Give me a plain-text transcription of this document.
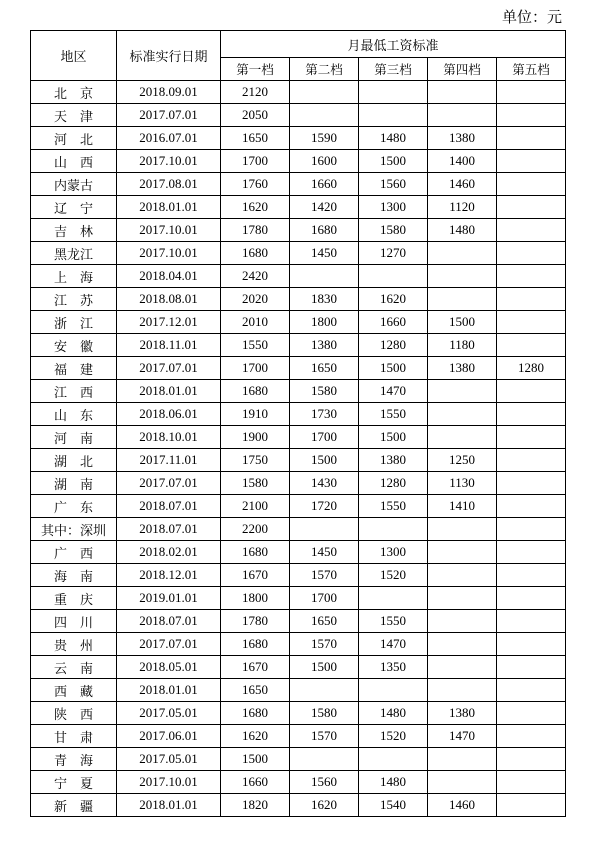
单位：元
地区	标准实行日期	月最低工资标准				
		第一档	第二档	第三档	第四档	第五档
北　京	2018.09.01	2120				
天　津	2017.07.01	2050				
河　北	2016.07.01	1650	1590	1480	1380	
山　西	2017.10.01	1700	1600	1500	1400	
内蒙古	2017.08.01	1760	1660	1560	1460	
辽　宁	2018.01.01	1620	1420	1300	1120	
吉　林	2017.10.01	1780	1680	1580	1480	
黑龙江	2017.10.01	1680	1450	1270		
上　海	2018.04.01	2420				
江　苏	2018.08.01	2020	1830	1620		
浙　江	2017.12.01	2010	1800	1660	1500	
安　徽	2018.11.01	1550	1380	1280	1180	
福　建	2017.07.01	1700	1650	1500	1380	1280
江　西	2018.01.01	1680	1580	1470		
山　东	2018.06.01	1910	1730	1550		
河　南	2018.10.01	1900	1700	1500		
湖　北	2017.11.01	1750	1500	1380	1250	
湖　南	2017.07.01	1580	1430	1280	1130	
广　东	2018.07.01	2100	1720	1550	1410	
其中：深圳	2018.07.01	2200				
广　西	2018.02.01	1680	1450	1300		
海　南	2018.12.01	1670	1570	1520		
重　庆	2019.01.01	1800	1700			
四　川	2018.07.01	1780	1650	1550		
贵　州	2017.07.01	1680	1570	1470		
云　南	2018.05.01	1670	1500	1350		
西　藏	2018.01.01	1650				
陕　西	2017.05.01	1680	1580	1480	1380	
甘　肃	2017.06.01	1620	1570	1520	1470	
青　海	2017.05.01	1500				
宁　夏	2017.10.01	1660	1560	1480		
新　疆	2018.01.01	1820	1620	1540	1460	
